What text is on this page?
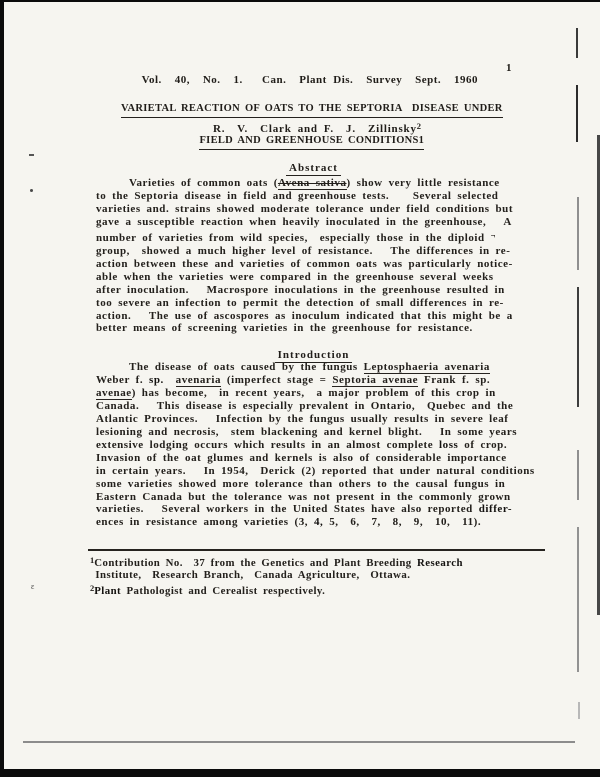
Vol.  40,  No.  1.   Can.  Plant Dis.  Survey  Sept.  1960

1

VARIETAL REACTION OF OATS TO THE SEPTORIA  DISEASE UNDER

FIELD AND GREENHOUSE CONDITIONS1

R.  V.  Clark and F.  J.  Zillinsky$^2$

Abstract

Varieties of common oats (Avena sativa) show very little resistance
to the Septoria disease in field and greenhouse tests.    Several selected
varieties and. strains showed moderate tolerance under field conditions but
gave a susceptible reaction when heavily inoculated in the greenhouse,   A
number of varieties from wild species,  especially those in the diploid ¬
group,  showed a much higher level of resistance.   The differences in re-
action between these and varieties of common oats was particularly notice-
able when the varieties were compared in the greenhouse several weeks
after inoculation.   Macrospore inoculations in the greenhouse resulted in
too severe an infection to permit the detection of small differences in re-
action.   The use of ascospores as inoculum indicated that this might be a
better means of screening varieties in the greenhouse for resistance.

Introduction

The disease of oats caused by the fungus Leptosphaeria avenaria
Weber f. sp. avenaria (imperfect stage = Septoria avenae Frank f. sp.
avenae) has become,  in recent years,  a major problem of this crop in
Canada.   This disease is especially prevalent in Ontario,  Quebec and the
Atlantic Provinces.   Infection by the fungus usually results in severe leaf
lesioning and necrosis,  stem blackening and kernel blight.   In some years
extensive lodging occurs which results in an almost complete loss of crop.
Invasion of the oat glumes and kernels is also of considerable importance
in certain years.   In 1954,  Derick (2) reported that under natural conditions
some varieties showed more tolerance than others to the causal fungus in
Eastern Canada but the tolerance was not present in the commonly grown
varieties.   Several workers in the United States have also reported differ-
ences in resistance among varieties (3, 4, 5,  6,  7,  8,  9,  10,  11).
$^1$Contribution No.  37 from the Genetics and Plant Breeding Research
Institute,  Research Branch,  Canada Agriculture,  Ottawa.
$^2$Plant Pathologist and Cerealist respectively.
ε
